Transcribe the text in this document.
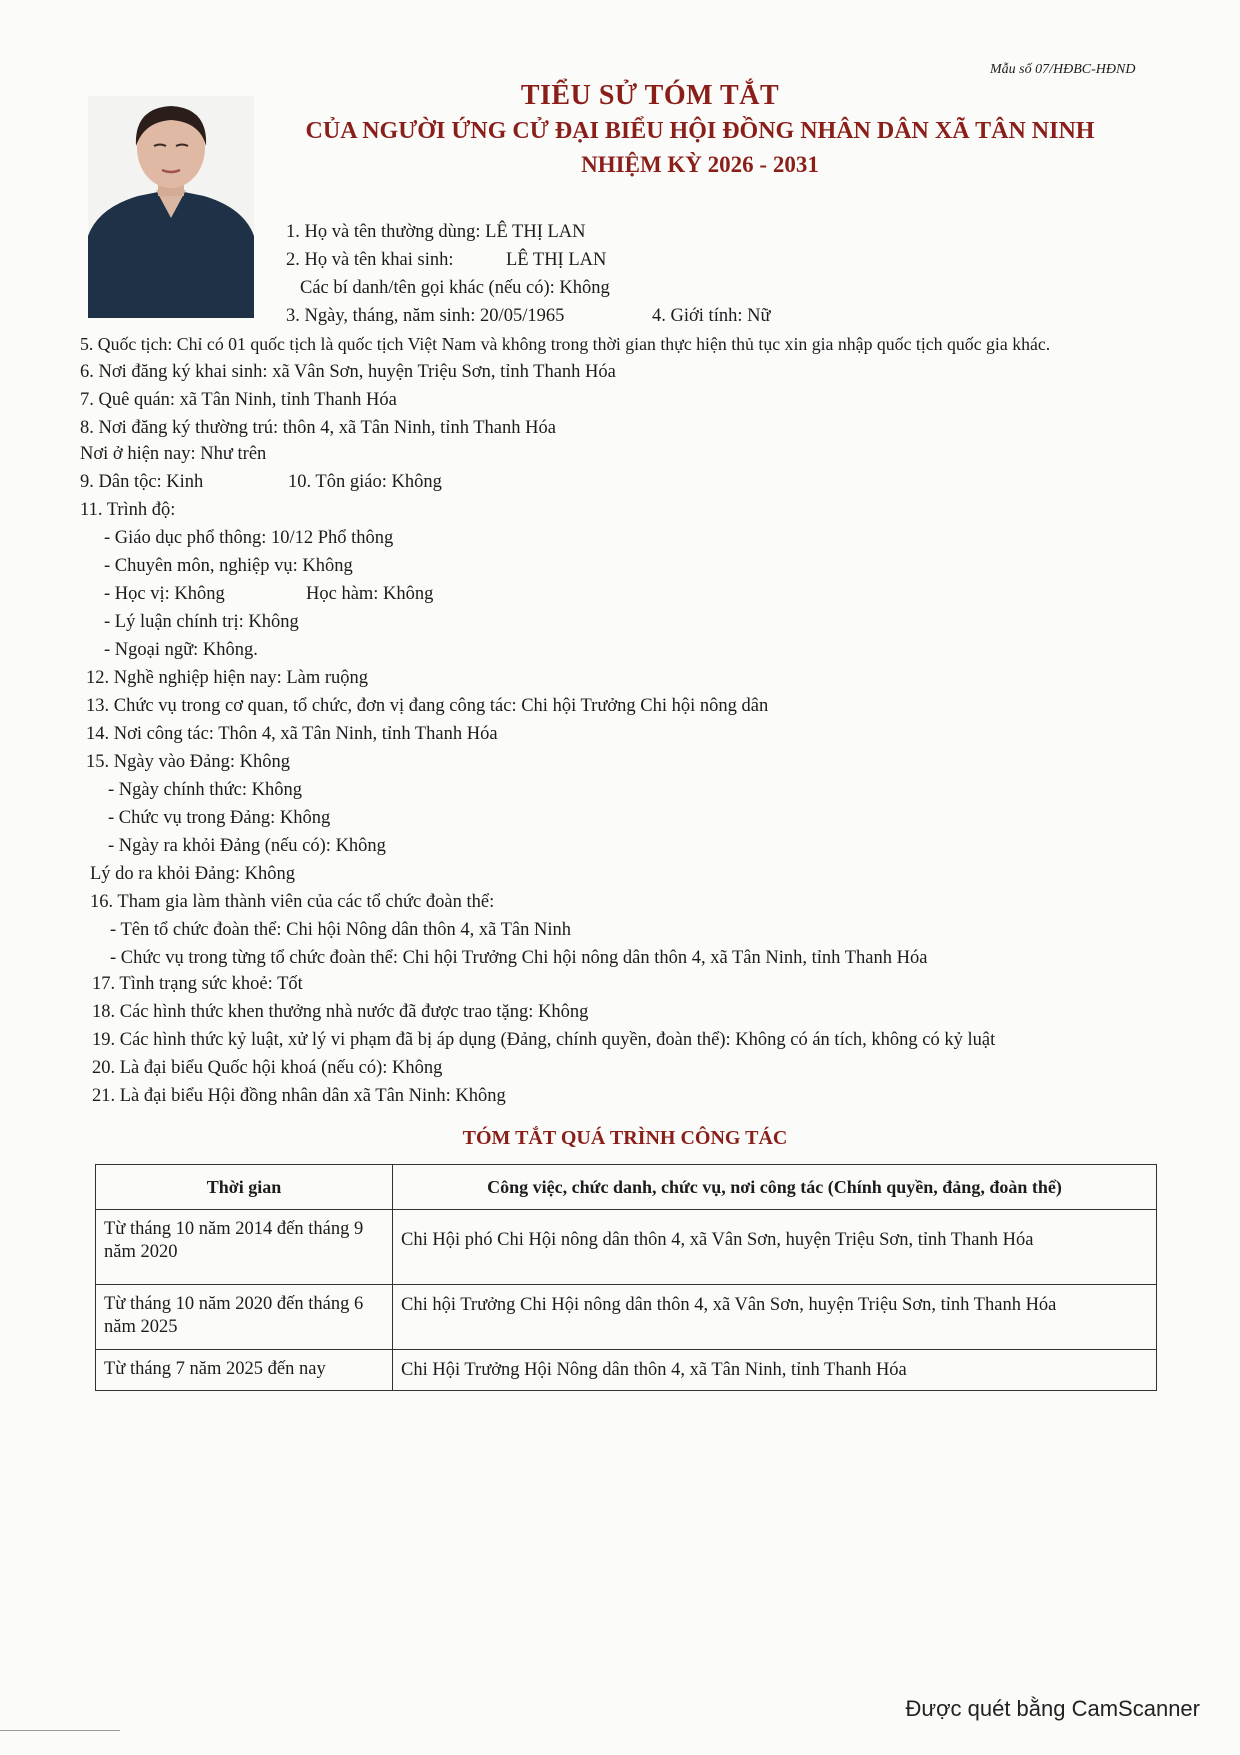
Mẫu số 07/HĐBC-HĐND
TIỂU SỬ TÓM TẮT
CỦA NGƯỜI ỨNG CỬ ĐẠI BIỂU HỘI ĐỒNG NHÂN DÂN XÃ TÂN NINH
NHIỆM KỲ 2026 - 2031
1. Họ và tên thường dùng: LÊ THỊ LAN
2. Họ và tên khai sinh:	LÊ THỊ LAN
Các bí danh/tên gọi khác (nếu có): Không
3. Ngày, tháng, năm sinh: 20/05/1965	4. Giới tính: Nữ
5. Quốc tịch: Chỉ có 01 quốc tịch là quốc tịch Việt Nam và không trong thời gian thực hiện thủ tục xin gia nhập quốc tịch quốc gia khác.
6. Nơi đăng ký khai sinh: xã Vân Sơn, huyện Triệu Sơn, tỉnh Thanh Hóa
7. Quê quán: xã Tân Ninh, tỉnh Thanh Hóa
8. Nơi đăng ký thường trú: thôn 4, xã Tân Ninh, tỉnh Thanh Hóa
Nơi ở hiện nay: Như trên
9. Dân tộc: Kinh	10. Tôn giáo: Không
11. Trình độ:
- Giáo dục phổ thông: 10/12 Phổ thông
- Chuyên môn, nghiệp vụ: Không
- Học vị: Không	Học hàm: Không
- Lý luận chính trị: Không
- Ngoại ngữ: Không.
12. Nghề nghiệp hiện nay: Làm ruộng
13. Chức vụ trong cơ quan, tổ chức, đơn vị đang công tác: Chi hội Trưởng Chi hội nông dân
14. Nơi công tác: Thôn 4, xã Tân Ninh, tỉnh Thanh Hóa
15. Ngày vào Đảng: Không
- Ngày chính thức: Không
- Chức vụ trong Đảng: Không
- Ngày ra khỏi Đảng (nếu có): Không
Lý do ra khỏi Đảng: Không
16. Tham gia làm thành viên của các tổ chức đoàn thể:
- Tên tổ chức đoàn thể: Chi hội Nông dân thôn 4, xã Tân Ninh
- Chức vụ trong từng tổ chức đoàn thể: Chi hội Trưởng Chi hội nông dân thôn 4, xã Tân Ninh, tỉnh Thanh Hóa
17. Tình trạng sức khoẻ: Tốt
18. Các hình thức khen thưởng nhà nước đã được trao tặng: Không
19. Các hình thức kỷ luật, xử lý vi phạm đã bị áp dụng (Đảng, chính quyền, đoàn thể): Không có án tích, không có kỷ luật
20. Là đại biểu Quốc hội khoá (nếu có): Không
21. Là đại biểu Hội đồng nhân dân xã Tân Ninh: Không
TÓM TẮT QUÁ TRÌNH CÔNG TÁC
Thời gian	Công việc, chức danh, chức vụ, nơi công tác (Chính quyền, đảng, đoàn thể)
Từ tháng 10 năm 2014 đến tháng 9 năm 2020	Chi Hội phó Chi Hội nông dân thôn 4, xã Vân Sơn, huyện Triệu Sơn, tỉnh Thanh Hóa
Từ tháng 10 năm 2020 đến tháng 6 năm 2025	Chi hội Trưởng Chi Hội nông dân thôn 4, xã Vân Sơn, huyện Triệu Sơn, tỉnh Thanh Hóa
Từ tháng 7 năm 2025 đến nay	Chi Hội Trưởng Hội Nông dân thôn 4, xã Tân Ninh, tỉnh Thanh Hóa
Được quét bằng CamScanner
